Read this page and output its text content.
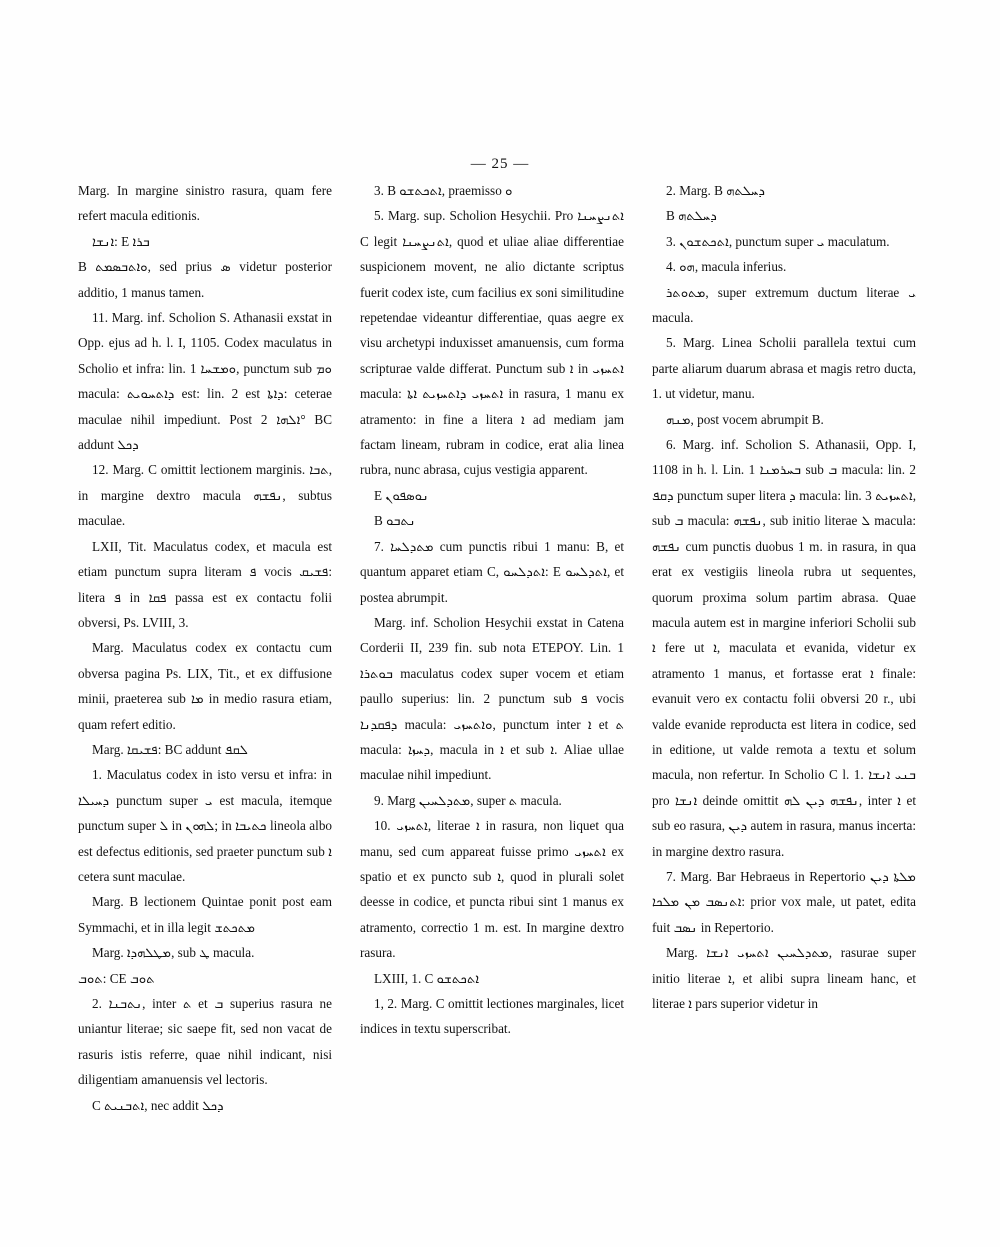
— 25 —

Marg. In margine sinistro rasura, quam fere refert macula editionis.

ܐܢܫܐ: E ܒܪܐ

B ܘܐܬܒܣܡܬ, sed prius ܣ videtur posterior additio, 1 manus tamen.

11. Marg. inf. Scholion S. Athanasii exstat in Opp. ejus ad h. l. I, 1105. Codex maculatus in Scholio et infra: lin. 1 ܘܡܫܚܐ, punctum sub ܘܡ macula: ܕܐܬܚܘܝܬ est: lin. 2 est ܕܐܬܐ: ceterae maculae nihil impediunt. Post ܐܠܗܐ 2° BC addunt ܕܟܠ

12. Marg. C omittit lectionem marginis. ܬܒܐ, in margine dextro macula ܢܦܫܗ, subtus maculae.

LXII, Tit. Maculatus codex, et macula est etiam punctum supra literam ܦ vocis ܦܫܝܩ: litera ܦ in ܦܩܐ passa est ex contactu folii obversi, Ps. LVIII, 3.

Marg. Maculatus codex ex contactu cum obversa pagina Ps. LIX, Tit., et ex diffusione minii, praeterea sub ܡܐ in medio rasura etiam, quam refert editio.

Marg. ܦܫܝܩܐ: BC addunt ܠܩܦ

1. Maculatus codex in isto versu et infra: in ܕܚܝܠܐ punctum super ܝ est macula, itemque punctum super ܠ in ܠܗܘܢ; in ܟܬܝܒܐ lineola albo est defectus editionis, sed praeter punctum sub ܐ cetera sunt maculae.

Marg. B lectionem Quintae ponit post eam Symmachi, et in illa legit ܡܬܟܬܫ

Marg. ܡܛܠܗܕܐ, sub ܛ macula.

ܬܘܒ: CE ܬܘܒ

2. ܢܬܒܢܐ, inter ܬ et ܒ superius rasura ne uniantur literae; sic saepe fit, sed non vacat de rasuris istis referre, quae nihil indicant, nisi diligentiam amanuensis vel lectoris.

C ܐܬܒܢܝܬ, nec addit ܕܟܠ

3. B ܐܬܟܬܫܘ, praemisso ܘ

5. Marg. sup. Scholion Hesychii. Pro ܐܬܢܨܚܢܐ C legit ܐܬܢܨܚܢܐ, quod et uliae aliae differentiae suspicionem movent, ne alio dictante scriptus fuerit codex iste, cum facilius ex soni similitudine repetendae videantur differentiae, quas aegre ex visu archetypi induxisset amanuensis, cum forma scripturae valde differat. Punctum sub ܐ in ܐܬܚܙܝ macula: ܐܬܚܙܝ ܕܐܬܚܙܝܬ ܐܬܐ in rasura, 1 manu ex atramento: in fine a litera ܐ ad mediam jam factam lineam, rubram in codice, erat alia linea rubra, nunc abrasa, cujus vestigia apparent.

E ܢܘܣܦܘܢ

B ܢܬܒܘ

7. ܡܬܕܠܚܐ cum punctis ribui 1 manu: B, et quantum apparet etiam C, ܐܬܕܠܚܘ: E ܐܬܕܠܚܘ, et postea abrumpit.

Marg. inf. Scholion Hesychii exstat in Catena Corderii II, 239 fin. sub nota ΕΤΕΡΟΥ. Lin. 1 ܒܘܬܪܐ maculatus codex super vocem et etiam paullo superius: lin. 2 punctum sub ܦ vocis ܕܦܩܕܢܐ macula: ܘܐܬܚܙܝ, punctum inter ܐ et ܬ macula: ܕܚܙܐ, macula in ܐ et sub ܐ. Aliae ullae maculae nihil impediunt.

9. Marg ܡܬܕܠܚܝܢ, super ܬ macula.

10. ܐܬܚܙܝ, literae ܐ in rasura, non liquet qua manu, sed cum appareat fuisse primo ܐܬܚܙܝ ex spatio et ex puncto sub ܐ, quod in plurali solet deesse in codice, et puncta ribui sint 1 manus ex atramento, correctio 1 m. est. In margine dextro rasura.

LXIII, 1. C ܐܬܟܬܫܘ

1, 2. Marg. C omittit lectiones marginales, licet indices in textu superscribat.

2. Marg. B ܕܚܠܬܗ

B ܕܚܠܬܗ

3. ܐܬܟܬܫܘܢ, punctum super ܝ maculatum.

4. ܗܘ, macula inferius.

ܡܬܘܬܪ, super extremum ductum literae ܝ macula.

5. Marg. Linea Scholii parallela textui cum parte aliarum duarum abrasa et magis retro ducta, 1. ut videtur, manu.

ܡܢܗ, post vocem abrumpit B.

6. Marg. inf. Scholion S. Athanasii, Opp. I, 1108 in h. l. Lin. 1 ܒܚܪܡܢܐ sub ܒ macula: lin. 2 ܕܩܦ punctum super litera ܕ macula: lin. 3 ܐܬܚܙܝܬ, sub ܒ macula: ܢܦܫܗ, sub initio literae ܠ macula: ܢܦܫܗ cum punctis duobus 1 m. in rasura, in qua erat ex vestigiis lineola rubra ut sequentes, quorum proxima solum partim abrasa. Quae macula autem est in margine inferiori Scholii sub ܐ fere ut ܐ, maculata et evanida, videtur ex atramento 1 manus, et fortasse erat ܐ finale: evanuit vero ex contactu folii obversi 20 r., ubi valde evanide reproducta est litera in codice, sed in editione, ut valde remota a textu et solum macula, non refertur. In Scholio C l. 1. ܒܢܝ ܐܢܫܐ pro ܐܢܫܐ deinde omittit ܢܦܫܗ ܕܝܢ ܠܗ, inter ܐ et sub eo rasura, ܕܝܢ autem in rasura, manus incerta: in margine dextro rasura.

7. Marg. Bar Hebraeus in Repertorio ܡܠܬܐ ܕܝܢ ܐܬܢܣܒ ܡܢ ܡܠܟܐ: prior vox male, ut patet, edita fuit ܢܣܒ in Repertorio.

Marg. ܡܬܕܠܚܝܢ ܐܬܚܙܝ ܐܢܫܐ, rasurae super initio literae ܐ, et alibi supra lineam hanc, et literae ܐ pars superior videtur in
